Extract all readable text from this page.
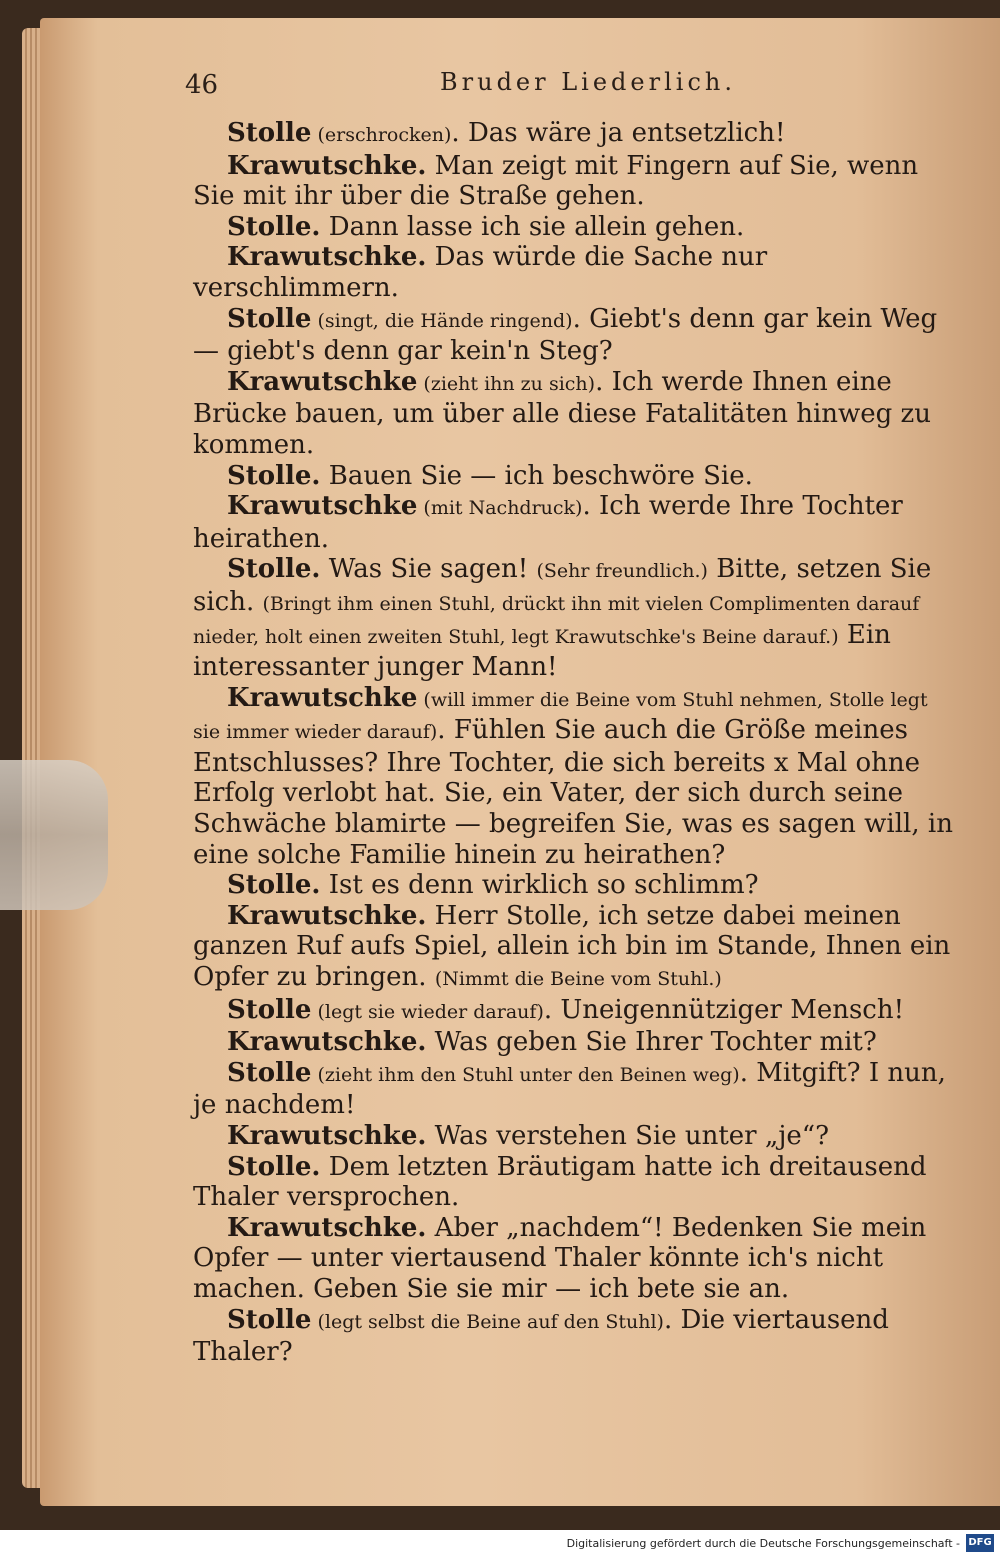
46	Bruder Liederlich.

Stolle (erschrocken). Das wäre ja entsetzlich!

Krawutschke. Man zeigt mit Fingern auf Sie, wenn Sie mit ihr über die Straße gehen.

Stolle. Dann lasse ich sie allein gehen.

Krawutschke. Das würde die Sache nur verschlimmern.

Stolle (singt, die Hände ringend). Giebt's denn gar kein Weg — giebt's denn gar kein'n Steg?

Krawutschke (zieht ihn zu sich). Ich werde Ihnen eine Brücke bauen, um über alle diese Fatalitäten hinweg zu kommen.

Stolle. Bauen Sie — ich beschwöre Sie.

Krawutschke (mit Nachdruck). Ich werde Ihre Tochter heirathen.

Stolle. Was Sie sagen! (Sehr freundlich.) Bitte, setzen Sie sich. (Bringt ihm einen Stuhl, drückt ihn mit vielen Complimenten darauf nieder, holt einen zweiten Stuhl, legt Krawutschke's Beine darauf.) Ein interessanter junger Mann!

Krawutschke (will immer die Beine vom Stuhl nehmen, Stolle legt sie immer wieder darauf). Fühlen Sie auch die Größe meines Entschlusses? Ihre Tochter, die sich bereits x Mal ohne Erfolg verlobt hat. Sie, ein Vater, der sich durch seine Schwäche blamirte — begreifen Sie, was es sagen will, in eine solche Familie hinein zu heirathen?

Stolle. Ist es denn wirklich so schlimm?

Krawutschke. Herr Stolle, ich setze dabei meinen ganzen Ruf aufs Spiel, allein ich bin im Stande, Ihnen ein Opfer zu bringen. (Nimmt die Beine vom Stuhl.)

Stolle (legt sie wieder darauf). Uneigennütziger Mensch!

Krawutschke. Was geben Sie Ihrer Tochter mit?

Stolle (zieht ihm den Stuhl unter den Beinen weg). Mitgift? I nun, je nachdem!

Krawutschke. Was verstehen Sie unter „je“?

Stolle. Dem letzten Bräutigam hatte ich dreitausend Thaler versprochen.

Krawutschke. Aber „nachdem“! Bedenken Sie mein Opfer — unter viertausend Thaler könnte ich's nicht machen. Geben Sie sie mir — ich bete sie an.

Stolle (legt selbst die Beine auf den Stuhl). Die viertausend Thaler?

Digitalisierung gefördert durch die Deutsche Forschungsgemeinschaft - DFG
